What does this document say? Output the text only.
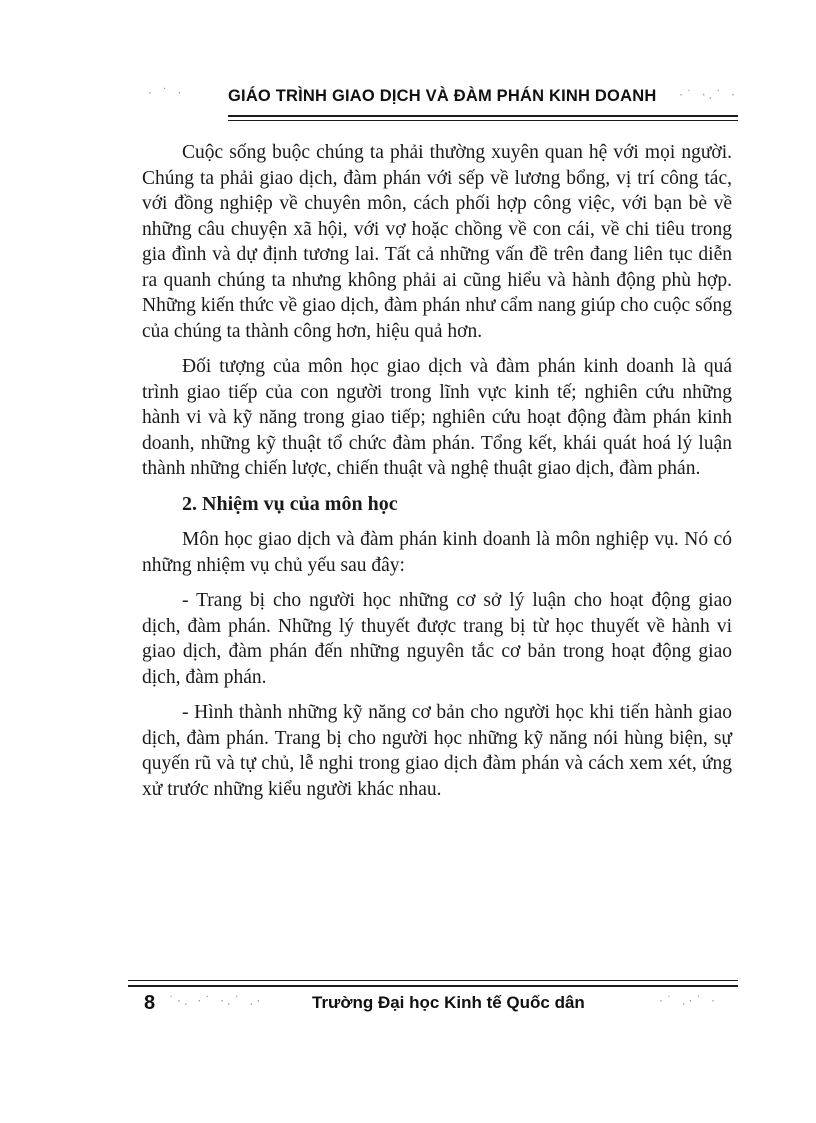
· ˙ ·	GIÁO TRÌNH GIAO DỊCH VÀ ĐÀM PHÁN KINH DOANH ·˙ ·.˙ ·

Cuộc sống buộc chúng ta phải thường xuyên quan hệ với mọi người. Chúng ta phải giao dịch, đàm phán với sếp về lương bổng, vị trí công tác, với đồng nghiệp về chuyên môn, cách phối hợp công việc, với bạn bè về những câu chuyện xã hội, với vợ hoặc chồng về con cái, về chi tiêu trong gia đình và dự định tương lai. Tất cả những vấn đề trên đang liên tục diễn ra quanh chúng ta nhưng không phải ai cũng hiểu và hành động phù hợp. Những kiến thức về giao dịch, đàm phán như cẩm nang giúp cho cuộc sống của chúng ta thành công hơn, hiệu quả hơn.

Đối tượng của môn học giao dịch và đàm phán kinh doanh là quá trình giao tiếp của con người trong lĩnh vực kinh tế; nghiên cứu những hành vi và kỹ năng trong giao tiếp; nghiên cứu hoạt động đàm phán kinh doanh, những kỹ thuật tổ chức đàm phán. Tổng kết, khái quát hoá lý luận thành những chiến lược, chiến thuật và nghệ thuật giao dịch, đàm phán.

2. Nhiệm vụ của môn học

Môn học giao dịch và đàm phán kinh doanh là môn nghiệp vụ. Nó có những nhiệm vụ chủ yếu sau đây:

- Trang bị cho người học những cơ sở lý luận cho hoạt động giao dịch, đàm phán. Những lý thuyết được trang bị từ học thuyết về hành vi giao dịch, đàm phán đến những nguyên tắc cơ bản trong hoạt động giao dịch, đàm phán.

- Hình thành những kỹ năng cơ bản cho người học khi tiến hành giao dịch, đàm phán. Trang bị cho người học những kỹ năng nói hùng biện, sự quyến rũ và tự chủ, lễ nghi trong giao dịch đàm phán và cách xem xét, ứng xử trước những kiểu người khác nhau.

8 ˙·. ·˙ ·.˙ .·	Trường Đại học Kinh tế Quốc dân	·˙ .·˙ ·
